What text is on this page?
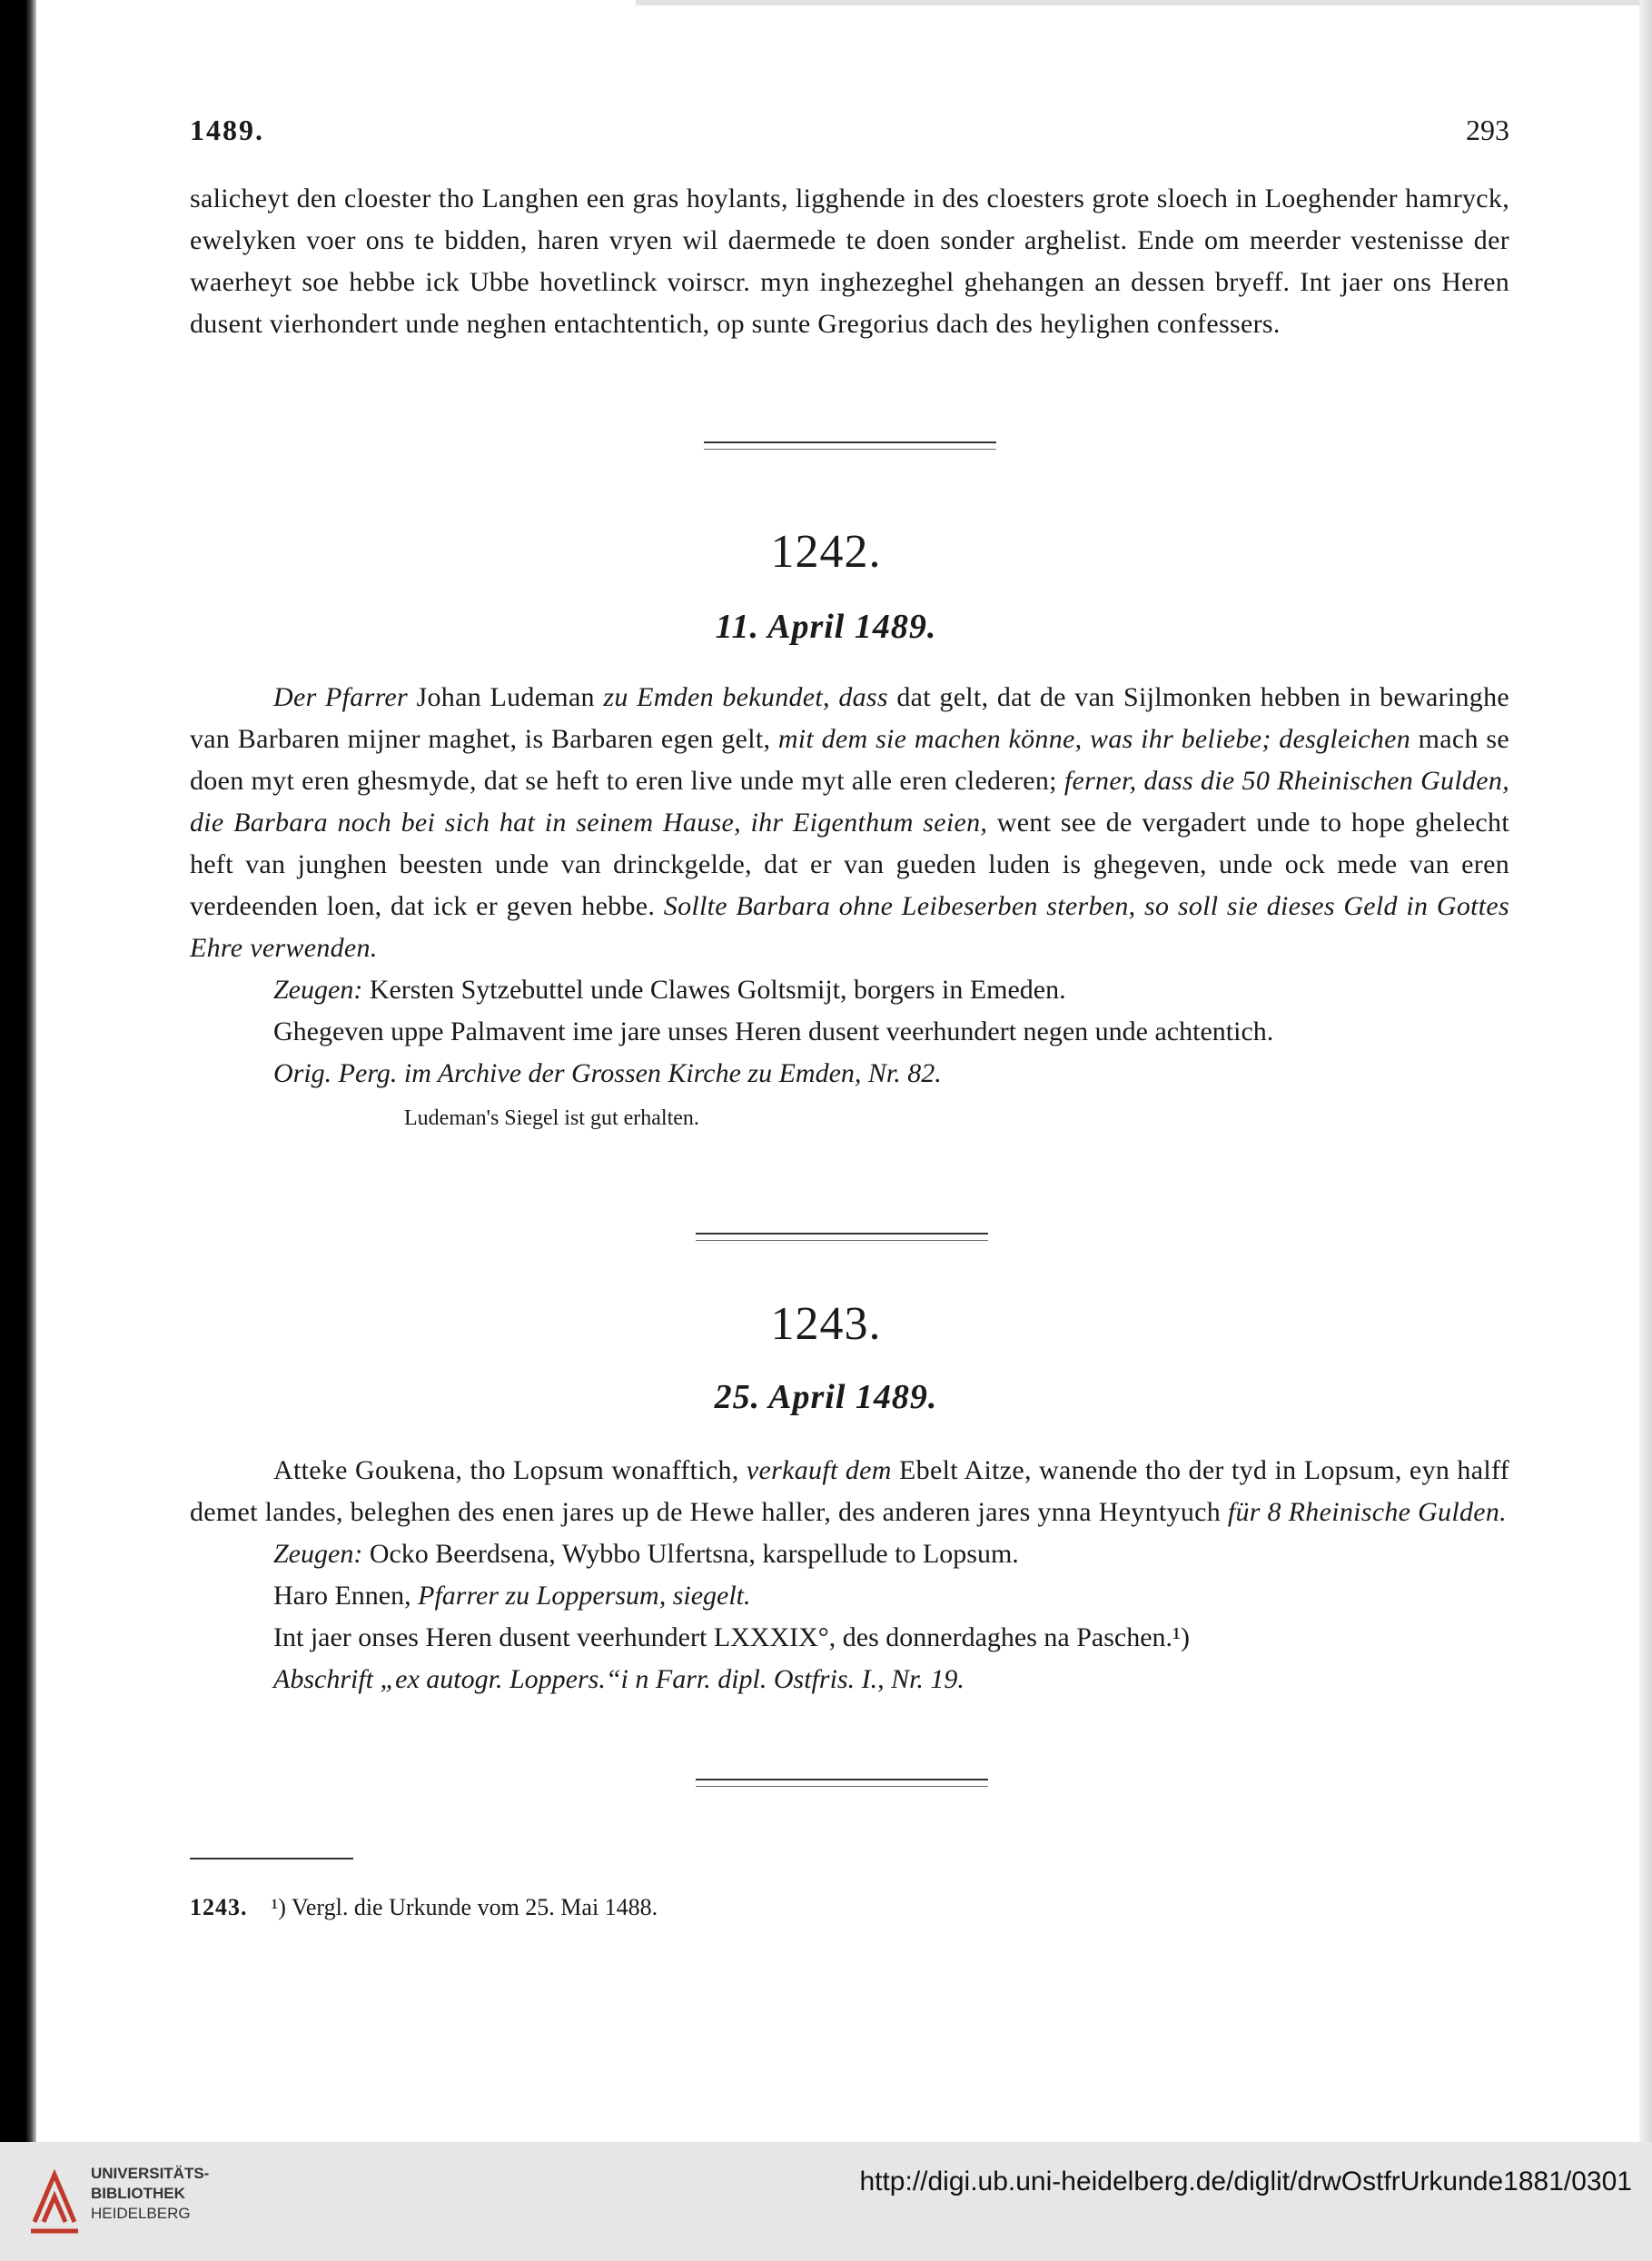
1489.	293

salicheyt den cloester tho Langhen een gras hoylants, ligghende in des cloesters grote sloech in Loeghender hamryck, ewelyken voer ons te bidden, haren vryen wil daermede te doen sonder arghelist. Ende om meerder vestenisse der waerheyt soe hebbe ick Ubbe hovetlinck voirscr. myn inghezeghel ghehangen an dessen bryeff. Int jaer ons Heren dusent vierhondert unde neghen entachtentich, op sunte Gregorius dach des heylighen confessers.

1242.
11. April 1489.

Der Pfarrer Johan Ludeman zu Emden bekundet, dass dat gelt, dat de van Sijlmonken hebben in bewaringhe van Barbaren mijner maghet, is Barbaren egen gelt, mit dem sie machen könne, was ihr beliebe; desgleichen mach se doen myt eren ghesmyde, dat se heft to eren live unde myt alle eren clederen; ferner, dass die 50 Rheinischen Gulden, die Barbara noch bei sich hat in seinem Hause, ihr Eigenthum seien, went see de vergadert unde to hope ghelecht heft van junghen beesten unde van drinckgelde, dat er van gueden luden is ghegeven, unde ock mede van eren verdeenden loen, dat ick er geven hebbe. Sollte Barbara ohne Leibeserben sterben, so soll sie dieses Geld in Gottes Ehre verwenden.

Zeugen: Kersten Sytzebuttel unde Clawes Goltsmijt, borgers in Emeden.

Ghegeven uppe Palmavent ime jare unses Heren dusent veerhundert negen unde achtentich.

Orig. Perg. im Archive der Grossen Kirche zu Emden, Nr. 82.

Ludeman's Siegel ist gut erhalten.

1243.
25. April 1489.

Atteke Goukena, tho Lopsum wonafftich, verkauft dem Ebelt Aitze, wanende tho der tyd in Lopsum, eyn halff demet landes, beleghen des enen jares up de Hewe haller, des anderen jares ynna Heyntyuch für 8 Rheinische Gulden.

Zeugen: Ocko Beerdsena, Wybbo Ulfertsna, karspellude to Lopsum.

Haro Ennen, Pfarrer zu Loppersum, siegelt.

Int jaer onses Heren dusent veerhundert LXXXIX°, des donnerdaghes na Paschen.¹)

Abschrift „ex autogr. Loppers.“i n Farr. dipl. Ostfris. I., Nr. 19.

1243. ¹) Vergl. die Urkunde vom 25. Mai 1488.
UNIVERSITÄTS-
BIBLIOTHEK
HEIDELBERG
http://digi.ub.uni-heidelberg.de/diglit/drwOstfrUrkunde1881/0301
